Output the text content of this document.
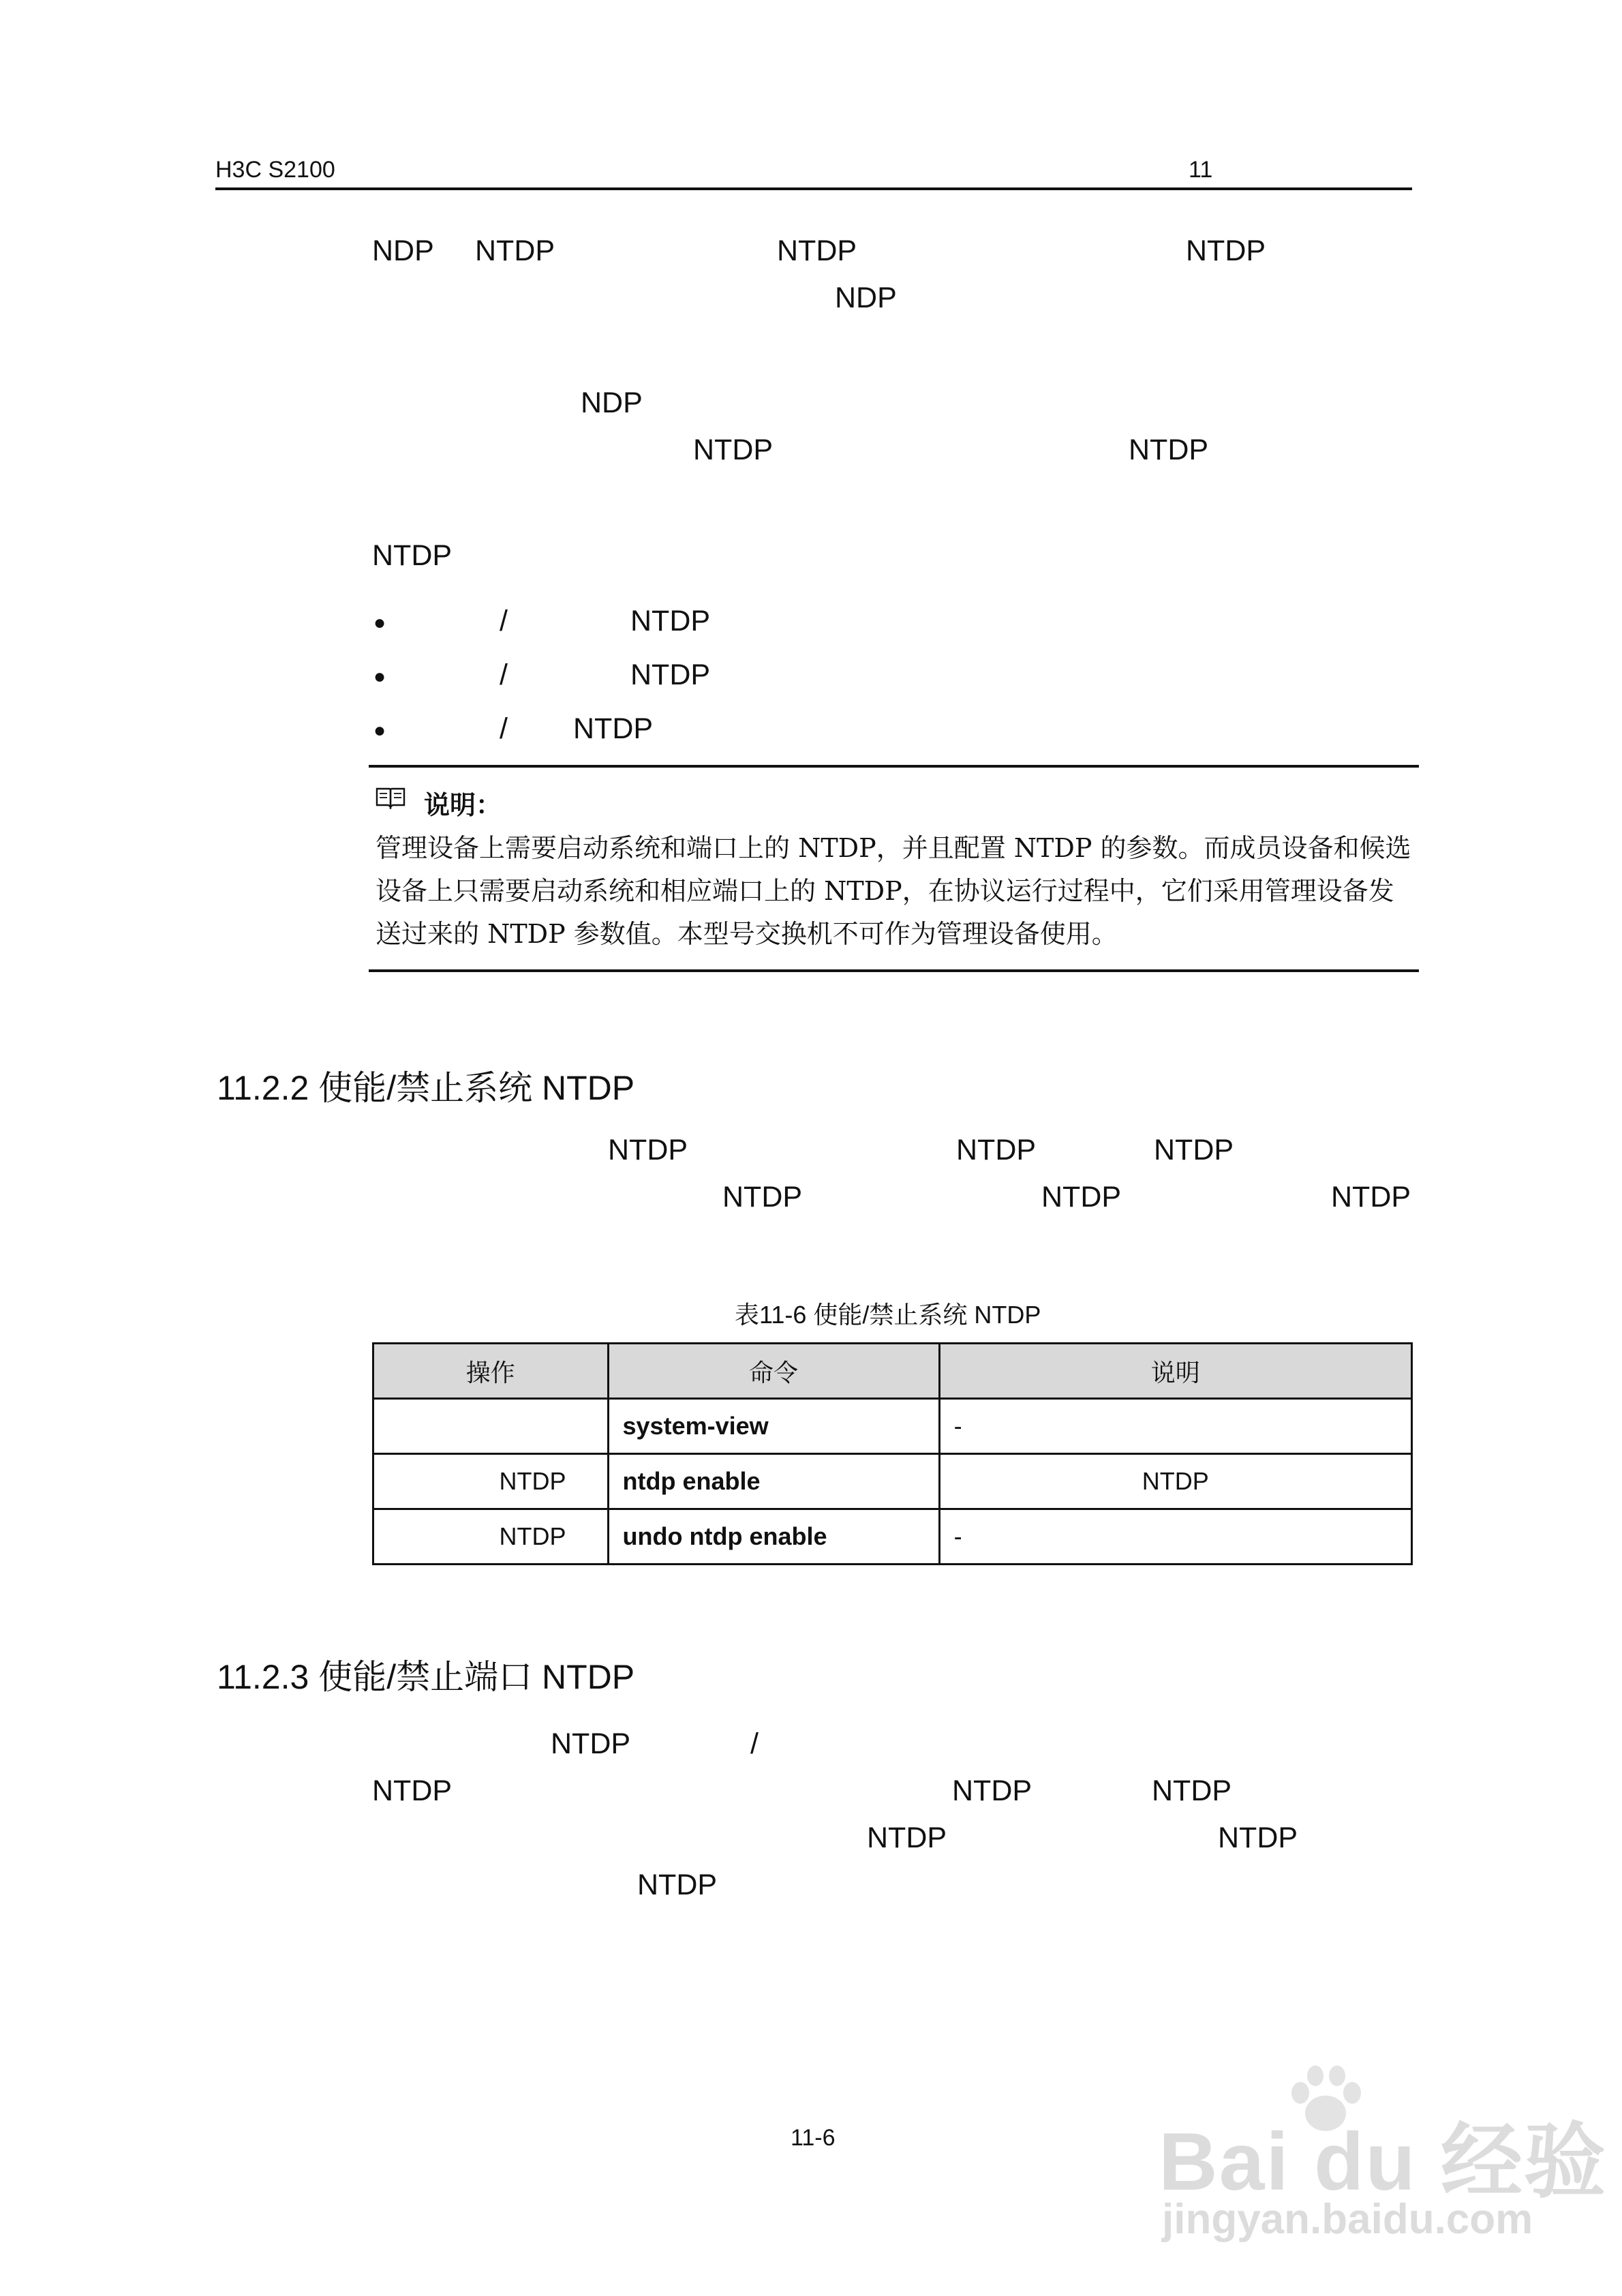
H3C S2100	11
NDP NTDP	NTDP	NTDP
NDP
NDP
NTDP	NTDP
NTDP
●	/	NTDP
●	/	NTDP
●	/ NTDP
说明：
管理设备上需要启动系统和端口上的 NTDP，并且配置 NTDP 的参数。而成员设备和候选设备上只需要启动系统和相应端口上的 NTDP，在协议运行过程中，它们采用管理设备发送过来的 NTDP 参数值。本型号交换机不可作为管理设备使用。
11.2.2 使能/禁止系统 NTDP
NTDP	NTDP	NTDP
NTDP	NTDP	NTDP
表11-6 使能/禁止系统 NTDP
操作	命令	说明
	system-view	-
NTDP	ntdp enable	NTDP
NTDP	undo ntdp enable	-
11.2.3 使能/禁止端口 NTDP
NTDP	/
NTDP	NTDP	NTDP
NTDP	NTDP
NTDP
11-6	Bai du 经验
jingyan.baidu.com
